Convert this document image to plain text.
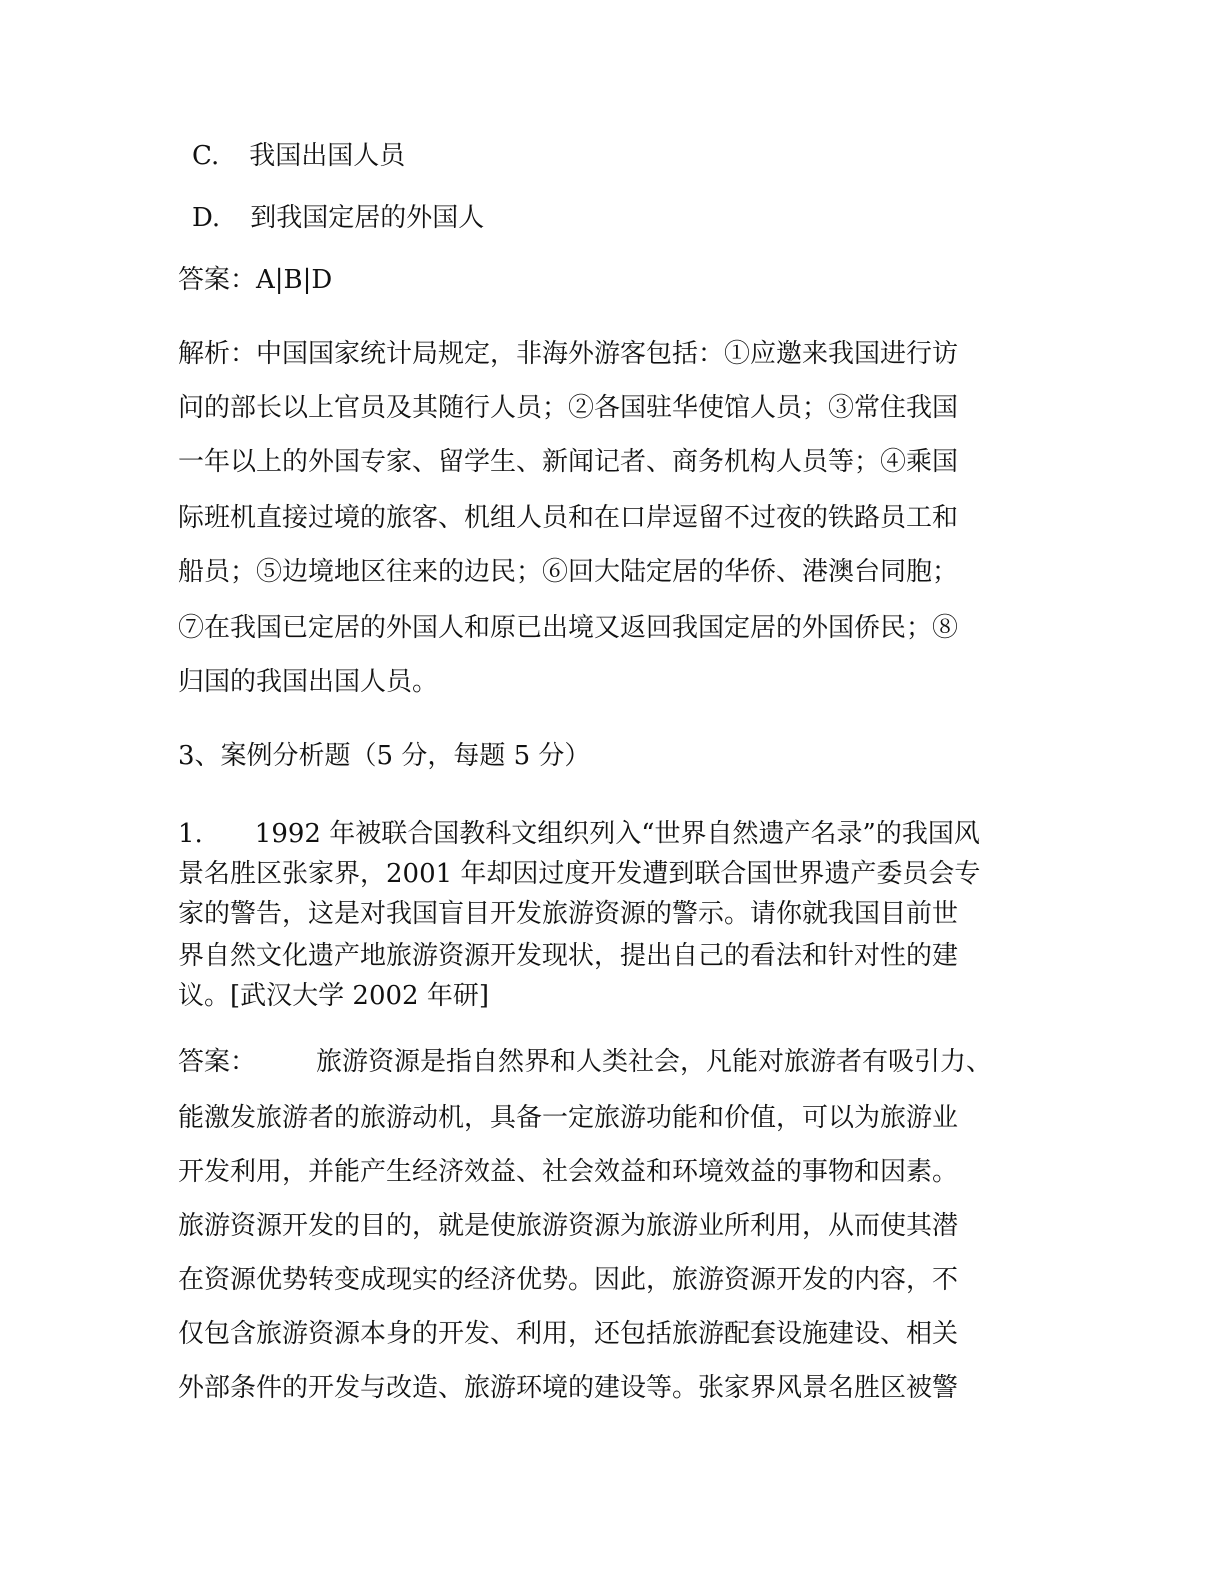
C. 我国出国人员
D. 到我国定居的外国人
答案：A|B|D
解析：中国国家统计局规定，非海外游客包括：①应邀来我国进行访
问的部长以上官员及其随行人员；②各国驻华使馆人员；③常住我国
一年以上的外国专家、留学生、新闻记者、商务机构人员等；④乘国
际班机直接过境的旅客、机组人员和在口岸逗留不过夜的铁路员工和
船员；⑤边境地区往来的边民；⑥回大陆定居的华侨、港澳台同胞；
⑦在我国已定居的外国人和原已出境又返回我国定居的外国侨民；⑧
归国的我国出国人员。
3、案例分析题（5 分，每题 5 分）
1.　　1992 年被联合国教科文组织列入“世界自然遗产名录”的我国风
景名胜区张家界，2001 年却因过度开发遭到联合国世界遗产委员会专
家的警告，这是对我国盲目开发旅游资源的警示。请你就我国目前世
界自然文化遗产地旅游资源开发现状，提出自己的看法和针对性的建
议。[武汉大学 2002 年研]
答案： 旅游资源是指自然界和人类社会，凡能对旅游者有吸引力、
能激发旅游者的旅游动机，具备一定旅游功能和价值，可以为旅游业
开发利用，并能产生经济效益、社会效益和环境效益的事物和因素。
旅游资源开发的目的，就是使旅游资源为旅游业所利用，从而使其潜
在资源优势转变成现实的经济优势。因此，旅游资源开发的内容，不
仅包含旅游资源本身的开发、利用，还包括旅游配套设施建设、相关
外部条件的开发与改造、旅游环境的建设等。张家界风景名胜区被警
